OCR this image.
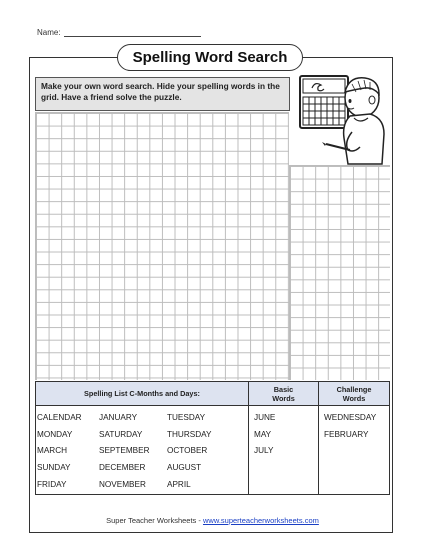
Name:
Spelling Word Search
Make your own word search. Hide your spelling words in the grid. Have a friend solve the puzzle.
Spelling List C-Months and Days:	Basic
Words
Challenge
Words
CALENDAR
MONDAY
MARCH
SUNDAY
FRIDAY
JANUARY
SATURDAY
SEPTEMBER
DECEMBER
NOVEMBER
TUESDAY
THURSDAY
OCTOBER
AUGUST
APRIL
JUNE
MAY
JULY
WEDNESDAY
FEBRUARY
Super Teacher Worksheets - www.superteacherworksheets.com
